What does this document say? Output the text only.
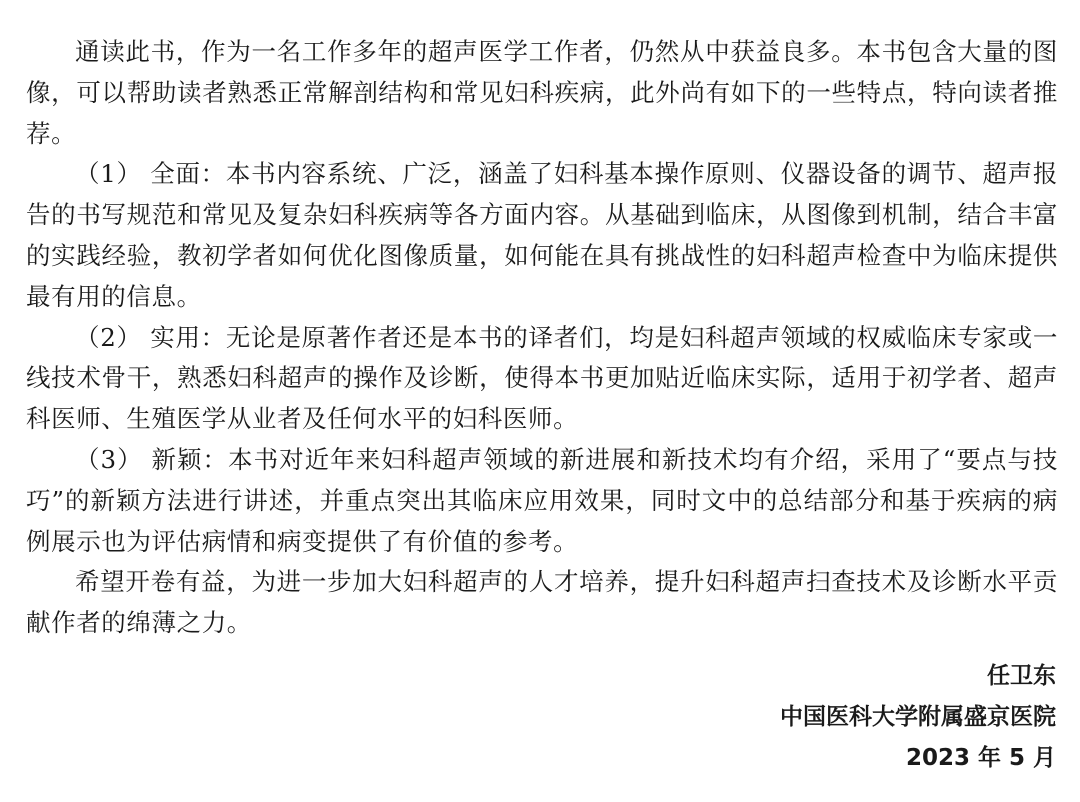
通读此书，作为一名工作多年的超声医学工作者，仍然从中获益良多。本书包含大量的图像，可以帮助读者熟悉正常解剖结构和常见妇科疾病，此外尚有如下的一些特点，特向读者推荐。

（1） 全面：本书内容系统、广泛，涵盖了妇科基本操作原则、仪器设备的调节、超声报告的书写规范和常见及复杂妇科疾病等各方面内容。从基础到临床，从图像到机制，结合丰富的实践经验，教初学者如何优化图像质量，如何能在具有挑战性的妇科超声检查中为临床提供最有用的信息。

（2） 实用：无论是原著作者还是本书的译者们，均是妇科超声领域的权威临床专家或一线技术骨干，熟悉妇科超声的操作及诊断，使得本书更加贴近临床实际，适用于初学者、超声科医师、生殖医学从业者及任何水平的妇科医师。

（3） 新颖：本书对近年来妇科超声领域的新进展和新技术均有介绍，采用了“要点与技巧”的新颖方法进行讲述，并重点突出其临床应用效果，同时文中的总结部分和基于疾病的病例展示也为评估病情和病变提供了有价值的参考。

希望开卷有益，为进一步加大妇科超声的人才培养，提升妇科超声扫查技术及诊断水平贡献作者的绵薄之力。

任卫东
中国医科大学附属盛京医院
2023 年 5 月
